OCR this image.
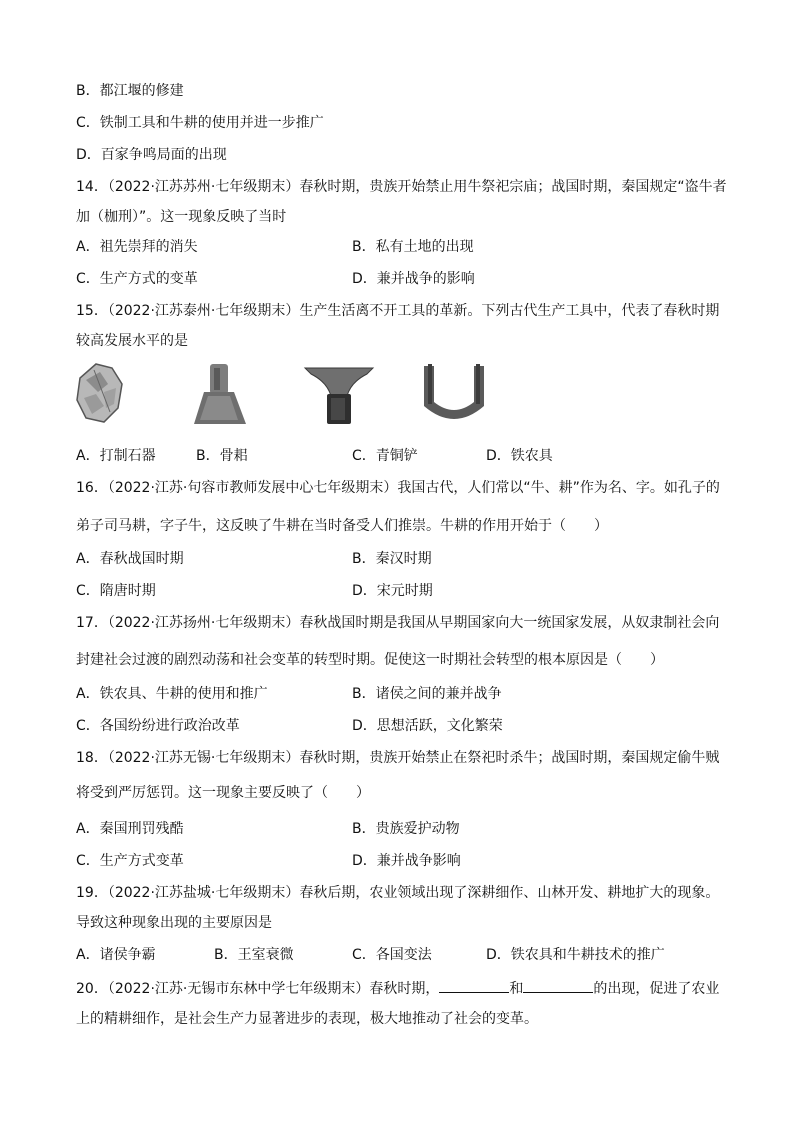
B．都江堰的修建
C．铁制工具和牛耕的使用并进一步推广
D．百家争鸣局面的出现
14．（2022·江苏苏州·七年级期末）春秋时期，贵族开始禁止用牛祭祀宗庙；战国时期，秦国规定“盗牛者
加（枷刑）”。这一现象反映了当时
A．祖先崇拜的消失	B．私有土地的出现
C．生产方式的变革	D．兼并战争的影响
15．（2022·江苏泰州·七年级期末）生产生活离不开工具的革新。下列古代生产工具中，代表了春秋时期
较高发展水平的是
A．打制石器	B．骨耜	C．青铜铲	D．铁农具
16．（2022·江苏·句容市教师发展中心七年级期末）我国古代，人们常以“牛、耕”作为名、字。如孔子的
弟子司马耕，字子牛，这反映了牛耕在当时备受人们推崇。牛耕的作用开始于（　　）
A．春秋战国时期	B．秦汉时期
C．隋唐时期	D．宋元时期
17．（2022·江苏扬州·七年级期末）春秋战国时期是我国从早期国家向大一统国家发展，从奴隶制社会向
封建社会过渡的剧烈动荡和社会变革的转型时期。促使这一时期社会转型的根本原因是（　　）
A．铁农具、牛耕的使用和推广	B．诸侯之间的兼并战争
C．各国纷纷进行政治改革	D．思想活跃，文化繁荣
18．（2022·江苏无锡·七年级期末）春秋时期，贵族开始禁止在祭祀时杀牛；战国时期，秦国规定偷牛贼
将受到严厉惩罚。这一现象主要反映了（　　）
A．秦国刑罚残酷	B．贵族爱护动物
C．生产方式变革	D．兼并战争影响
19．（2022·江苏盐城·七年级期末）春秋后期，农业领域出现了深耕细作、山林开发、耕地扩大的现象。
导致这种现象出现的主要原因是
A．诸侯争霸	B．王室衰微	C．各国变法	D．铁农具和牛耕技术的推广
20．（2022·江苏·无锡市东林中学七年级期末）春秋时期，	和	的出现，促进了农业
上的精耕细作，是社会生产力显著进步的表现，极大地推动了社会的变革。
